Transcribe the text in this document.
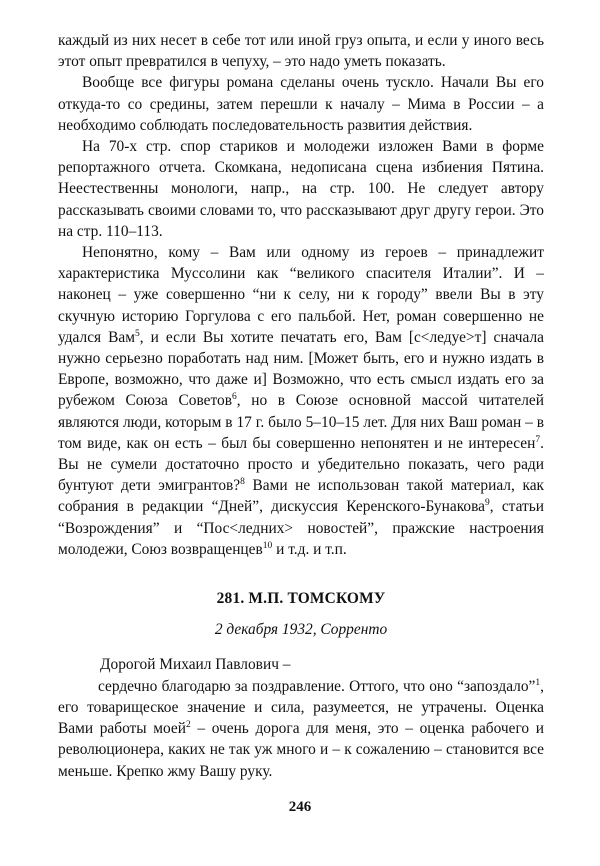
каждый из них несет в себе тот или иной груз опыта, и если у иного весь этот опыт превратился в чепуху, – это надо уметь показать.

Вообще все фигуры романа сделаны очень тускло. Начали Вы его откуда-то со средины, затем перешли к началу – Мима в России – а необходимо соблюдать последовательность развития действия.

На 70-х стр. спор стариков и молодежи изложен Вами в форме репортажного отчета. Скомкана, недописана сцена избиения Пятина. Неестественны монологи, напр., на стр. 100. Не следует автору рассказывать своими словами то, что рассказывают друг другу герои. Это на стр. 110–113.

Непонятно, кому – Вам или одному из героев – принадлежит характеристика Муссолини как “великого спасителя Италии”. И – наконец – уже совершенно “ни к селу, ни к городу” ввели Вы в эту скучную историю Горгулова с его пальбой. Нет, роман совершенно не удался Вам$^5$, и если Вы хотите печатать его, Вам [с<ледуе>т] сначала нужно серьезно поработать над ним. [Может быть, его и нужно издать в Европе, возможно, что даже и] Возможно, что есть смысл издать его за рубежом Союза Советов$^6$, но в Союзе основной массой читателей являются люди, которым в 17 г. было 5–10–15 лет. Для них Ваш роман – в том виде, как он есть – был бы совершенно непонятен и не интересен$^7$. Вы не сумели достаточно просто и убедительно показать, чего ради бунтуют дети эмигрантов?$^8$ Вами не использован такой материал, как собрания в редакции “Дней”, дискуссия Керенского-Бунакова$^9$, статьи “Возрождения” и “Пос<ледних> новостей”, пражские настроения молодежи, Союз возвращенцев$^{10}$ и т.д. и т.п.

281. М.П. ТОМСКОМУ

2 декабря 1932, Сорренто

Дорогой Михаил Павлович –

сердечно благодарю за поздравление. Оттого, что оно “запоздало”$^1$, его товарищеское значение и сила, разумеется, не утрачены. Оценка Вами работы моей$^2$ – очень дорога для меня, это – оценка рабочего и революционера, каких не так уж много и – к сожалению – становится все меньше. Крепко жму Вашу руку.

246
